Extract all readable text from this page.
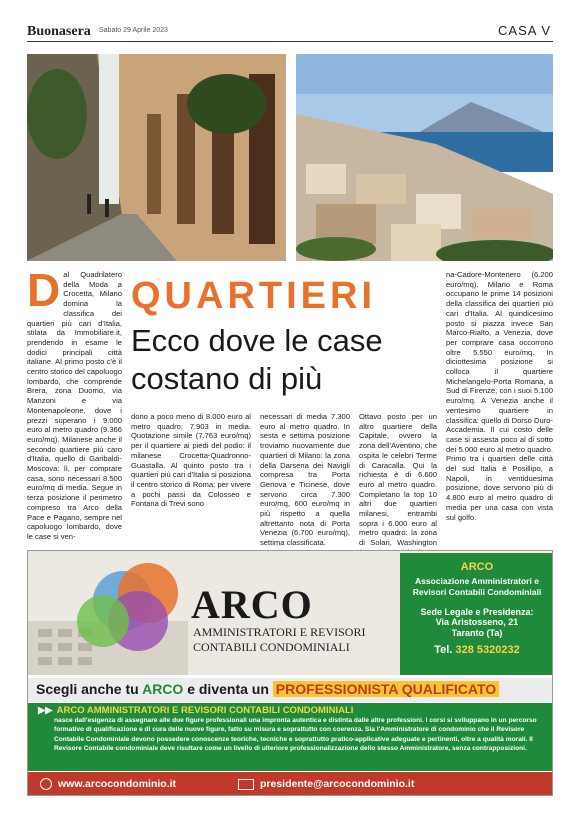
Buonasera Sabato 29 Aprile 2023	CASA V
Dal Quadrilatero della Moda a Crocetta, Milano domina la classifica dei quartieri più cari d'Italia, stilata da Immobiliare.it, prendendo in esame le dodici principali città italiane. Al primo posto c'è il centro storico del capoluogo lombardo, che comprende Brera, zona Duomo, via Manzoni e via Montenapoleone, dove i prezzi superano i 9.000 euro al metro quadro (9.366 euro/mq). Milanese anche il secondo quartiere più caro d'Italia, quello di Garibaldi-Moscova: lì, per comprare casa, sono necessari 8.500 euro/mq di media. Segue in terza posizione il perimetro compreso tra Arco della Pace e Pagano, sempre nel capoluogo lombardo, dove le case si ven-
QUARTIERI
Ecco dove le case costano di più
dono a poco meno di 8.000 euro al metro quadro: 7.903 in media. Quotazione simile (7.763 euro/mq) per il quartiere ai piedi del podio: il milanese Crocetta-Quadronno-Guastalla. Al quinto posto tra i quartieri più cari d'Italia si posiziona il centro storico di Roma: per vivere a pochi passi da Colosseo e Fontana di Trevi sono
necessari di media 7.300 euro al metro quadro. In sesta e settima posizione troviamo nuovamente due quartieri di Milano: la zona della Darsena dei Navigli compresa tra Porta Genova e Ticinese, dove servono circa 7.300 euro/mq, 600 euro/mq in più rispetto a quella altrettanto nota di Porta Venezia (6.700 euro/mq), settima classificata.
Ottavo posto per un altro quartiere della Capitale, ovvero la zona dell'Aventino, che ospita le celebri Terme di Caracalla. Qui la richiesta è di 6.600 euro al metro quadro. Completano la top 10 altri due quartieri milanesi, entrambi sopra i 6.000 euro al metro quadro: la zona di Solari, Washington
na-Cadore-Montenero (6.200 euro/mq). Milano e Roma occupano le prime 14 posizioni della classifica dei quartieri più cari d'Italia. Al quindicesimo posto si piazza invece San Marco-Rialto, a Venezia, dove per comprare casa occorrono oltre 5.550 euro/mq. In diciottesima posizione si colloca il quartiere Michelangelo-Porta Romana, a Sud di Firenze, con i suoi 5.100 euro/mq. A Venezia anche il ventesimo quartiere in classifica: quello di Dorso Duro-Accademia. Il cui costo delle case si assesta poco al di sotto dei 5.000 euro al metro quadro. Primo tra i quartieri delle città del sud Italia è Posillipo, a Napoli, in ventiduesima posizione, dove servono più di 4.800 euro al metro quadro di media per una casa con vista sul golfo.
ARCO
AMMINISTRATORI E REVISORI
CONTABILI CONDOMINIALI
ARCO
Associazione Amministratori e Revisori Contabili Condominiali
Sede Legale e Presidenza:
Via Aristosseno, 21
Taranto (Ta)
Tel. 328 5320232
Scegli anche tu ARCO e diventa un PROFESSIONISTA QUALIFICATO
▶▶ ARCO AMMINISTRATORI E REVISORI CONTABILI CONDOMINIALI

nasce dall'esigenza di assegnare alle due figure professionali una impronta autentica e distinta dalle altre professioni. I corsi si sviluppano in un percorso formativo di qualificazione e di cura delle nuove figure, fatto su misura e soprattutto con coerenza. Sia l'Amministratore di condominio che il Revisore Contabile Condominiale devono possedere conoscenze teoriche, tecniche e soprattutto pratico-applicative adeguate e pertinenti, oltre a qualità morali. Il Revisore Contabile condominiale deve risultare come un livello di ulteriore professionalizzazione dello stesso Amministratore, senza contrapposizioni.

www.arcocondominio.it	presidente@arcocondominio.it
